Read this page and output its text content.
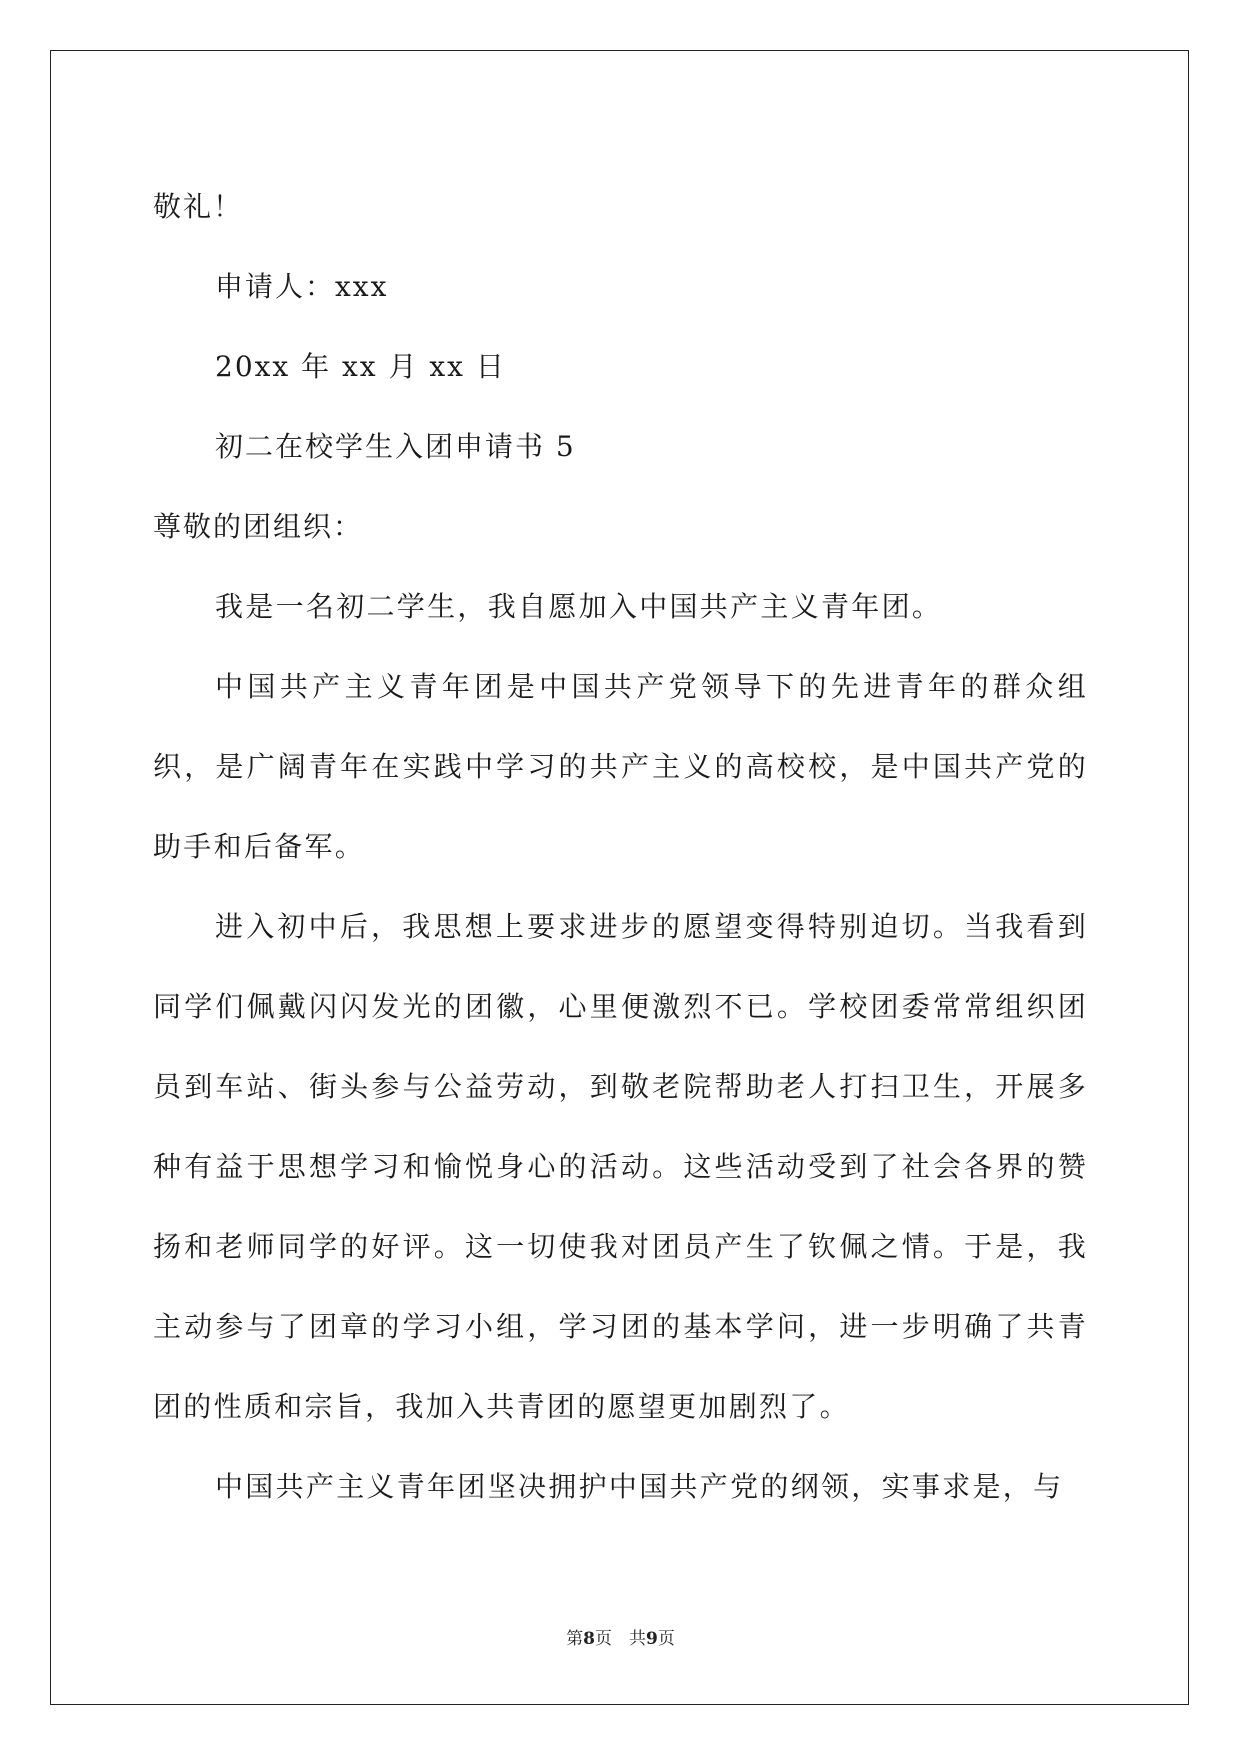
敬礼！
申请人：xxx
20xx 年 xx 月 xx 日
初二在校学生入团申请书 5
尊敬的团组织：
我是一名初二学生，我自愿加入中国共产主义青年团。
中国共产主义青年团是中国共产党领导下的先进青年的群众组织，是广阔青年在实践中学习的共产主义的高校校，是中国共产党的助手和后备军。
进入初中后，我思想上要求进步的愿望变得特别迫切。当我看到同学们佩戴闪闪发光的团徽，心里便激烈不已。学校团委常常组织团员到车站、街头参与公益劳动，到敬老院帮助老人打扫卫生，开展多种有益于思想学习和愉悦身心的活动。这些活动受到了社会各界的赞扬和老师同学的好评。这一切使我对团员产生了钦佩之情。于是，我主动参与了团章的学习小组，学习团的基本学问，进一步明确了共青团的性质和宗旨，我加入共青团的愿望更加剧烈了。
中国共产主义青年团坚决拥护中国共产党的纲领，实事求是，与
第8页　共9页
